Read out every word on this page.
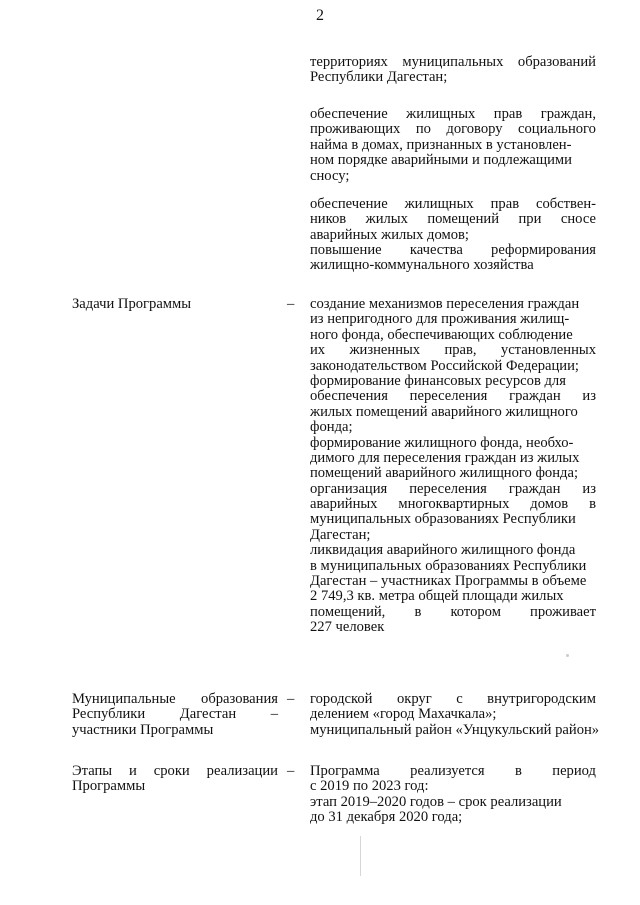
2
территориях муниципальных образований
Республики Дагестан;
обеспечение жилищных прав граждан,
проживающих по договору социального
найма в домах, признанных в установлен-
ном порядке аварийными и подлежащими
сносу;
обеспечение жилищных прав собствен-
ников жилых помещений при сносе
аварийных жилых домов;
повышение качества реформирования
жилищно-коммунального хозяйства
Задачи Программы	– создание механизмов переселения граждан
из непригодного для проживания жилищ-
ного фонда, обеспечивающих соблюдение
их жизненных прав, установленных
законодательством Российской Федерации;
формирование финансовых ресурсов для
обеспечения переселения граждан из
жилых помещений аварийного жилищного
фонда;
формирование жилищного фонда, необхо-
димого для переселения граждан из жилых
помещений аварийного жилищного фонда;
организация переселения граждан из
аварийных многоквартирных домов в
муниципальных образованиях Республики
Дагестан;
ликвидация аварийного жилищного фонда
в муниципальных образованиях Республики
Дагестан – участниках Программы в объеме
2 749,3 кв. метра общей площади жилых
помещений, в котором проживает
227 человек
Муниципальные образования
Республики Дагестан –
участники Программы
– городской округ с внутригородским
делением «город Махачкала»;
муниципальный район «Унцукульский район»
Этапы и сроки реализации
Программы
– Программа реализуется в период
с 2019 по 2023 год:
этап 2019–2020 годов – срок реализации
до 31 декабря 2020 года;
